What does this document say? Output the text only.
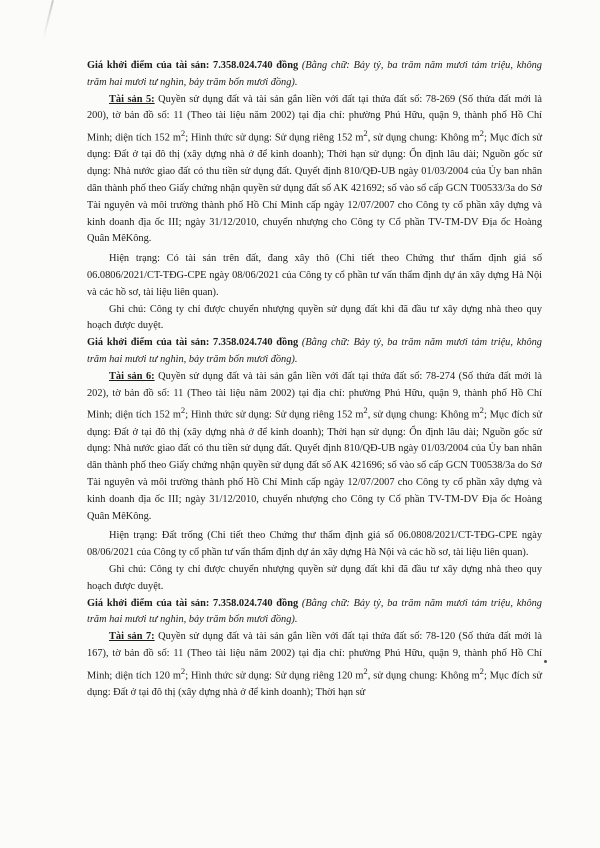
Giá khởi điểm của tài sản: 7.358.024.740 đồng (Bằng chữ: Bảy tỷ, ba trăm năm mươi tám triệu, không trăm hai mươi tư nghìn, bảy trăm bốn mươi đồng).

Tài sản 5: Quyền sử dụng đất và tài sản gắn liền với đất tại thửa đất số: 78-269 (Số thửa đất mới là 200), tờ bản đồ số: 11 (Theo tài liệu năm 2002) tại địa chỉ: phường Phú Hữu, quận 9, thành phố Hồ Chí Minh; diện tích 152 $m^2$; Hình thức sử dụng: Sử dụng riêng 152 $m^2$, sử dụng chung: Không $m^2$; Mục đích sử dụng: Đất ở tại đô thị (xây dựng nhà ở để kinh doanh); Thời hạn sử dụng: Ổn định lâu dài; Nguồn gốc sử dụng: Nhà nước giao đất có thu tiền sử dụng đất. Quyết định 810/QĐ-UB ngày 01/03/2004 của Ủy ban nhân dân thành phố theo Giấy chứng nhận quyền sử dụng đất số AK 421692; số vào sổ cấp GCN T00533/3a do Sở Tài nguyên và môi trường thành phố Hồ Chí Minh cấp ngày 12/07/2007 cho Công ty cổ phần xây dựng và kinh doanh địa ốc III; ngày 31/12/2010, chuyển nhượng cho Công ty Cổ phần TV-TM-DV Địa ốc Hoàng Quân MêKông.

Hiện trạng: Có tài sản trên đất, đang xây thô (Chi tiết theo Chứng thư thẩm định giá số 06.0806/2021/CT-TĐG-CPE ngày 08/06/2021 của Công ty cổ phần tư vấn thẩm định dự án xây dựng Hà Nội và các hồ sơ, tài liệu liên quan).

Ghi chú: Công ty chỉ được chuyển nhượng quyền sử dụng đất khi đã đầu tư xây dựng nhà theo quy hoạch được duyệt.

Giá khởi điểm của tài sản: 7.358.024.740 đồng (Bằng chữ: Bảy tỷ, ba trăm năm mươi tám triệu, không trăm hai mươi tư nghìn, bảy trăm bốn mươi đồng).

Tài sản 6: Quyền sử dụng đất và tài sản gắn liền với đất tại thửa đất số: 78-274 (Số thửa đất mới là 202), tờ bản đồ số: 11 (Theo tài liệu năm 2002) tại địa chỉ: phường Phú Hữu, quận 9, thành phố Hồ Chí Minh; diện tích 152 $m^2$; Hình thức sử dụng: Sử dụng riêng 152 $m^2$, sử dụng chung: Không $m^2$; Mục đích sử dụng: Đất ở tại đô thị (xây dựng nhà ở để kinh doanh); Thời hạn sử dụng: Ổn định lâu dài; Nguồn gốc sử dụng: Nhà nước giao đất có thu tiền sử dụng đất. Quyết định 810/QĐ-UB ngày 01/03/2004 của Ủy ban nhân dân thành phố theo Giấy chứng nhận quyền sử dụng đất số AK 421696; số vào sổ cấp GCN T00538/3a do Sở Tài nguyên và môi trường thành phố Hồ Chí Minh cấp ngày 12/07/2007 cho Công ty cổ phần xây dựng và kinh doanh địa ốc III; ngày 31/12/2010, chuyển nhượng cho Công ty Cổ phần TV-TM-DV Địa ốc Hoàng Quân MêKông.

Hiện trạng: Đất trống (Chi tiết theo Chứng thư thẩm định giá số 06.0808/2021/CT-TĐG-CPE ngày 08/06/2021 của Công ty cổ phần tư vấn thẩm định dự án xây dựng Hà Nội và các hồ sơ, tài liệu liên quan).

Ghi chú: Công ty chỉ được chuyển nhượng quyền sử dụng đất khi đã đầu tư xây dựng nhà theo quy hoạch được duyệt.

Giá khởi điểm của tài sản: 7.358.024.740 đồng (Bằng chữ: Bảy tỷ, ba trăm năm mươi tám triệu, không trăm hai mươi tư nghìn, bảy trăm bốn mươi đồng).

Tài sản 7: Quyền sử dụng đất và tài sản gắn liền với đất tại thửa đất số: 78-120 (Số thửa đất mới là 167), tờ bản đồ số: 11 (Theo tài liệu năm 2002) tại địa chỉ: phường Phú Hữu, quận 9, thành phố Hồ Chí Minh; diện tích 120 $m^2$; Hình thức sử dụng: Sử dụng riêng 120 $m^2$, sử dụng chung: Không $m^2$; Mục đích sử dụng: Đất ở tại đô thị (xây dựng nhà ở để kinh doanh); Thời hạn sử
